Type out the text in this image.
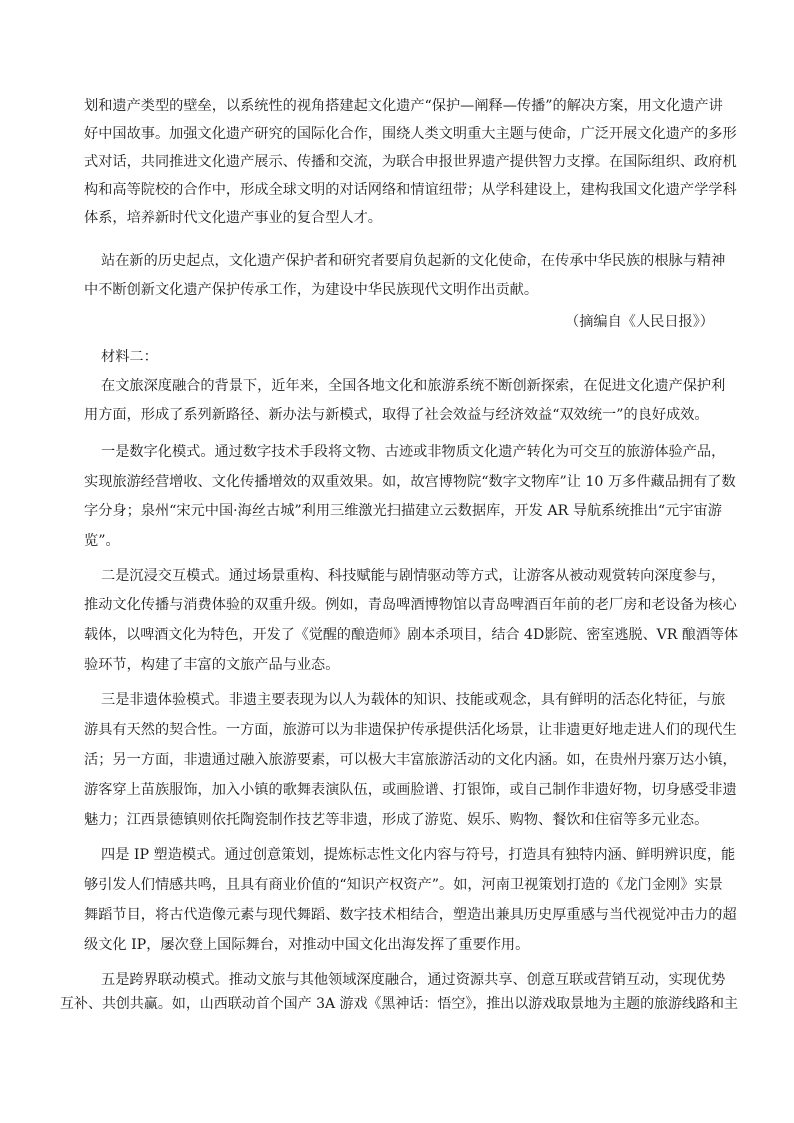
划和遗产类型的壁垒，以系统性的视角搭建起文化遗产“保护—阐释—传播”的解决方案，用文化遗产讲
好中国故事。加强文化遗产研究的国际化合作，围绕人类文明重大主题与使命，广泛开展文化遗产的多形
式对话，共同推进文化遗产展示、传播和交流，为联合申报世界遗产提供智力支撑。在国际组织、政府机
构和高等院校的合作中，形成全球文明的对话网络和情谊纽带；从学科建设上，建构我国文化遗产学学科
体系，培养新时代文化遗产事业的复合型人才。
站在新的历史起点，文化遗产保护者和研究者要肩负起新的文化使命，在传承中华民族的根脉与精神
中不断创新文化遗产保护传承工作，为建设中华民族现代文明作出贡献。
（摘编自《人民日报》）
材料二：
在文旅深度融合的背景下，近年来，全国各地文化和旅游系统不断创新探索，在促进文化遗产保护利
用方面，形成了系列新路径、新办法与新模式，取得了社会效益与经济效益“双效统一”的良好成效。
一是数字化模式。通过数字技术手段将文物、古迹或非物质文化遗产转化为可交互的旅游体验产品，
实现旅游经营增收、文化传播增效的双重效果。如，故宫博物院“数字文物库”让 10 万多件藏品拥有了数
字分身；泉州“宋元中国·海丝古城”利用三维激光扫描建立云数据库，开发 AR 导航系统推出“元宇宙游
览”。
二是沉浸交互模式。通过场景重构、科技赋能与剧情驱动等方式，让游客从被动观赏转向深度参与，
推动文化传播与消费体验的双重升级。例如，青岛啤酒博物馆以青岛啤酒百年前的老厂房和老设备为核心
载体，以啤酒文化为特色，开发了《觉醒的酿造师》剧本杀项目，结合 4D影院、密室逃脱、VR 酿酒等体
验环节，构建了丰富的文旅产品与业态。
三是非遗体验模式。非遗主要表现为以人为载体的知识、技能或观念，具有鲜明的活态化特征，与旅
游具有天然的契合性。一方面，旅游可以为非遗保护传承提供活化场景，让非遗更好地走进人们的现代生
活；另一方面，非遗通过融入旅游要素，可以极大丰富旅游活动的文化内涵。如，在贵州丹寨万达小镇，
游客穿上苗族服饰，加入小镇的歌舞表演队伍，或画脸谱、打银饰，或自己制作非遗好物，切身感受非遗
魅力；江西景德镇则依托陶瓷制作技艺等非遗，形成了游览、娱乐、购物、餐饮和住宿等多元业态。
四是 IP 塑造模式。通过创意策划，提炼标志性文化内容与符号，打造具有独特内涵、鲜明辨识度，能
够引发人们情感共鸣，且具有商业价值的“知识产权资产”。如，河南卫视策划打造的《龙门金刚》实景
舞蹈节目，将古代造像元素与现代舞蹈、数字技术相结合，塑造出兼具历史厚重感与当代视觉冲击力的超
级文化 IP，屡次登上国际舞台，对推动中国文化出海发挥了重要作用。
五是跨界联动模式。推动文旅与其他领域深度融合，通过资源共享、创意互联或营销互动，实现优势
互补、共创共赢。如，山西联动首个国产 3A 游戏《黑神话：悟空》，推出以游戏取景地为主题的旅游线路和主
